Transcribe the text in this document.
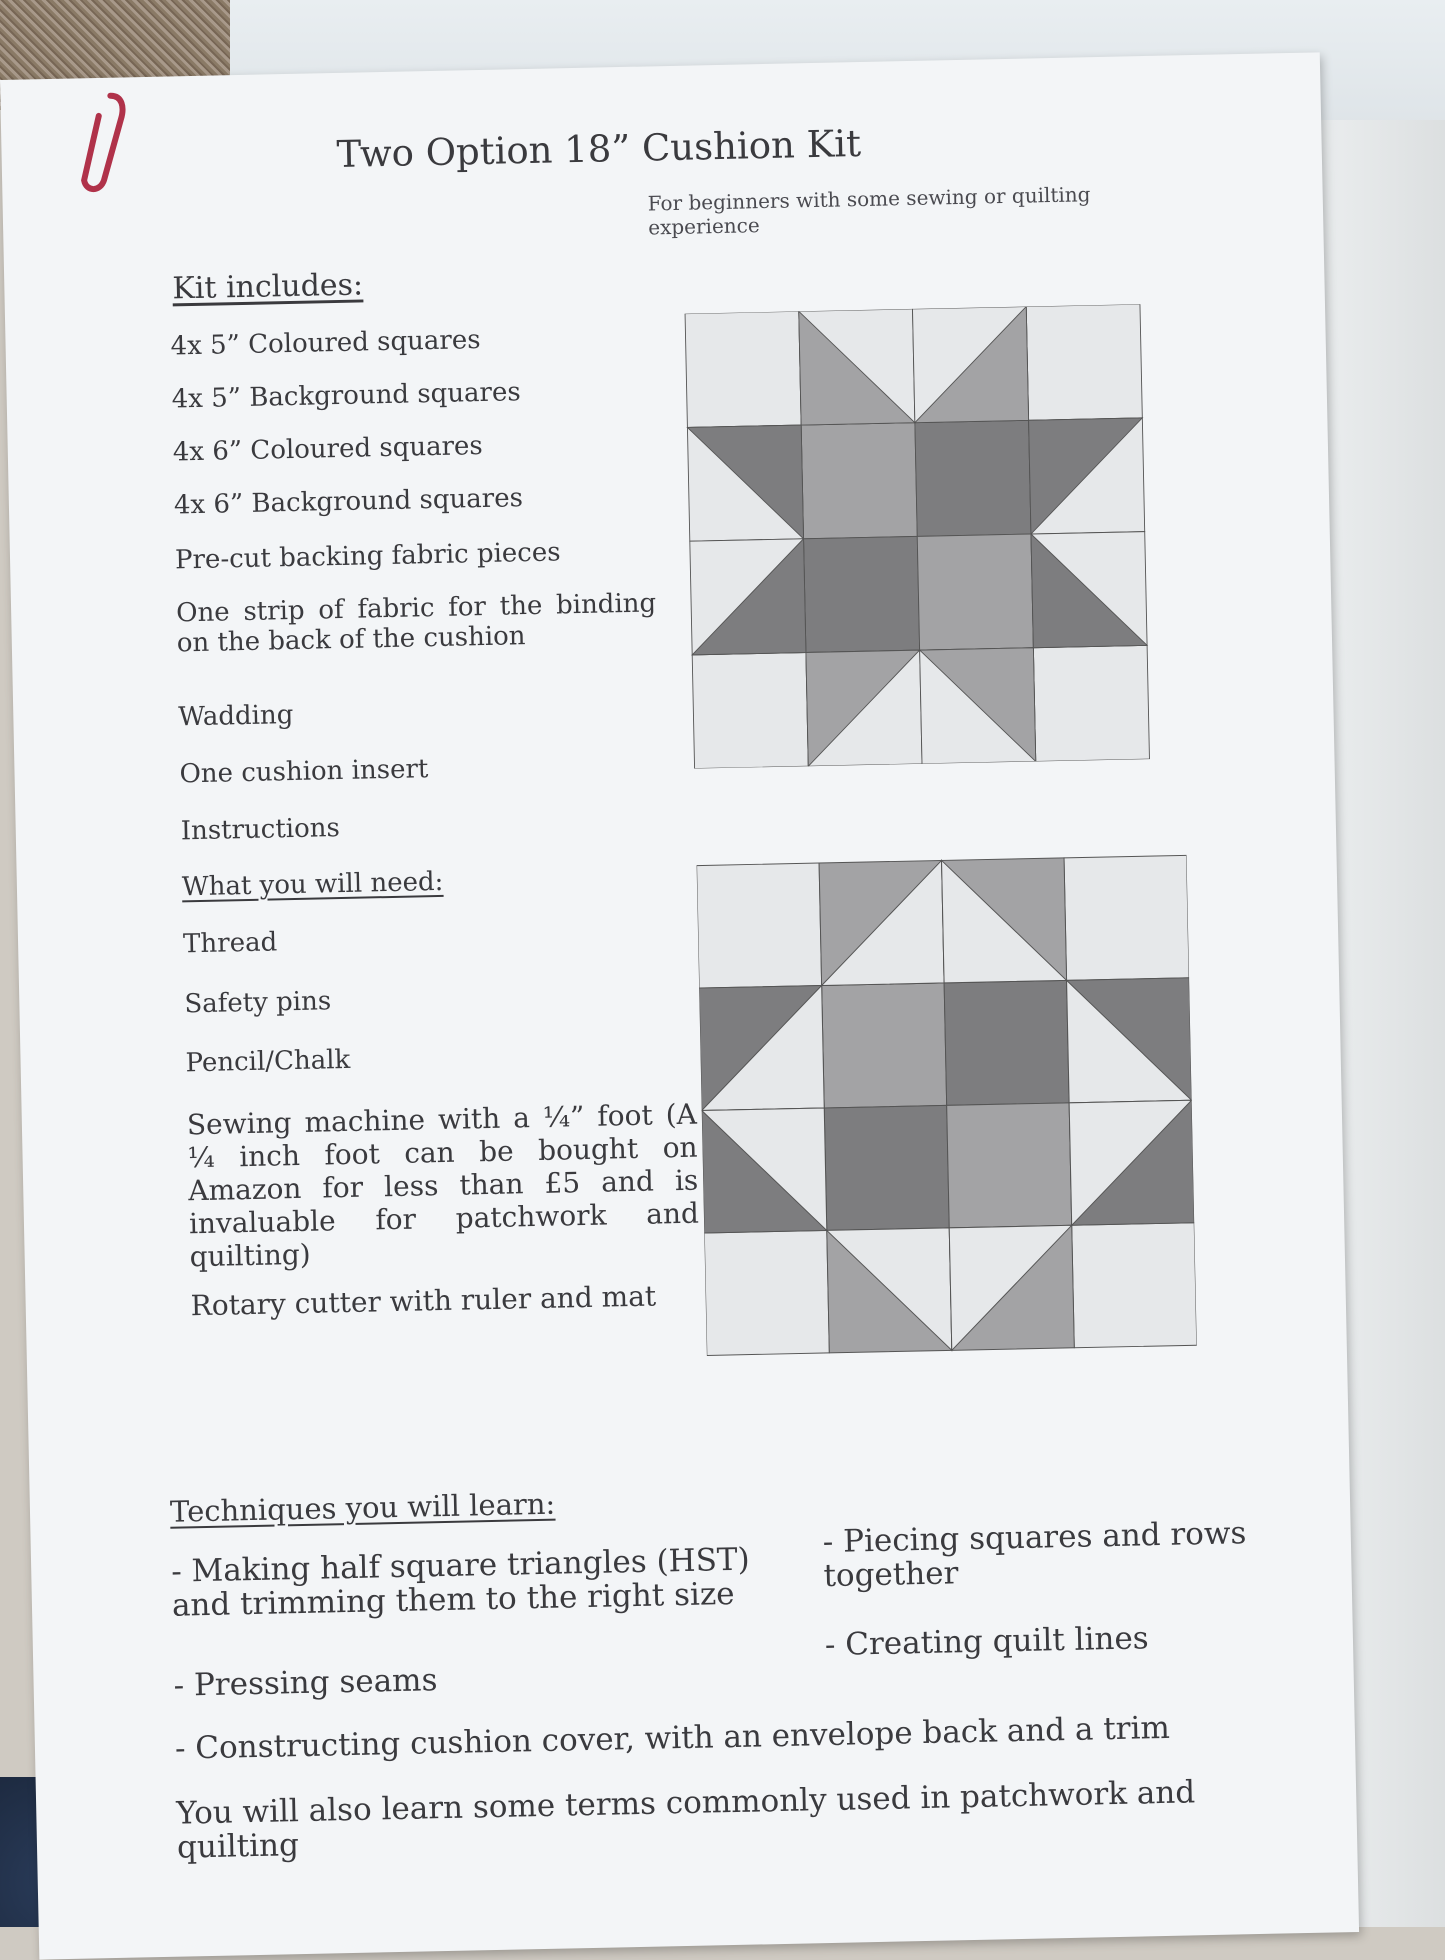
Two Option 18” Cushion Kit
For beginners with some sewing or quilting experience
Kit includes:
4x 5” Coloured squares
4x 5” Background squares
4x 6” Coloured squares
4x 6” Background squares
Pre-cut backing fabric pieces
One strip of fabric for the binding on the back of the cushion
Wadding
One cushion insert
Instructions
What you will need:
Thread
Safety pins
Pencil/Chalk
Sewing machine with a ¼” foot (A ¼ inch foot can be bought on Amazon for less than £5 and is invaluable for patchwork and quilting)
Rotary cutter with ruler and mat
Techniques you will learn:
- Making half square triangles (HST) and trimming them to the right size
- Piecing squares and rows together
- Creating quilt lines
- Pressing seams
- Constructing cushion cover, with an envelope back and a trim
You will also learn some terms commonly used in patchwork and quilting
